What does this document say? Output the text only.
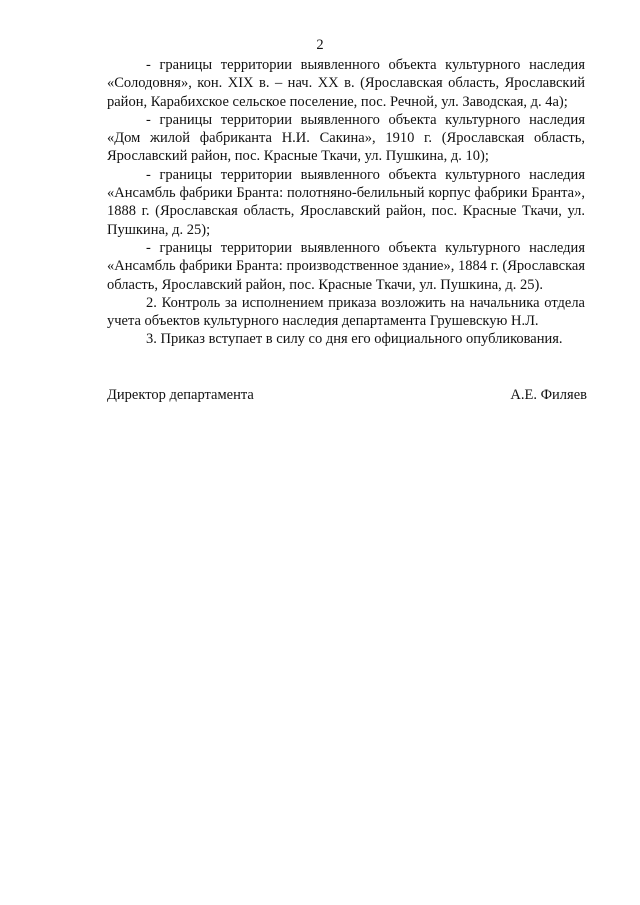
2

- границы территории выявленного объекта культурного наследия «Солодовня», кон. XIX в. – нач. XX в. (Ярославская область, Ярославский район, Карабихское сельское поселение, пос. Речной, ул. Заводская, д. 4а);

- границы территории выявленного объекта культурного наследия «Дом жилой фабриканта Н.И. Сакина», 1910 г. (Ярославская область, Ярославский район, пос. Красные Ткачи, ул. Пушкина, д. 10);

- границы территории выявленного объекта культурного наследия «Ансамбль фабрики Бранта: полотняно-белильный корпус фабрики Бранта», 1888 г. (Ярославская область, Ярославский район, пос. Красные Ткачи, ул. Пушкина, д. 25);

- границы территории выявленного объекта культурного наследия «Ансамбль фабрики Бранта: производственное здание», 1884 г. (Ярославская область, Ярославский район, пос. Красные Ткачи, ул. Пушкина, д. 25).

2. Контроль за исполнением приказа возложить на начальника отдела учета объектов культурного наследия департамента Грушевскую Н.Л.

3. Приказ вступает в силу со дня его официального опубликования.

Директор департамента	А.Е. Филяев
